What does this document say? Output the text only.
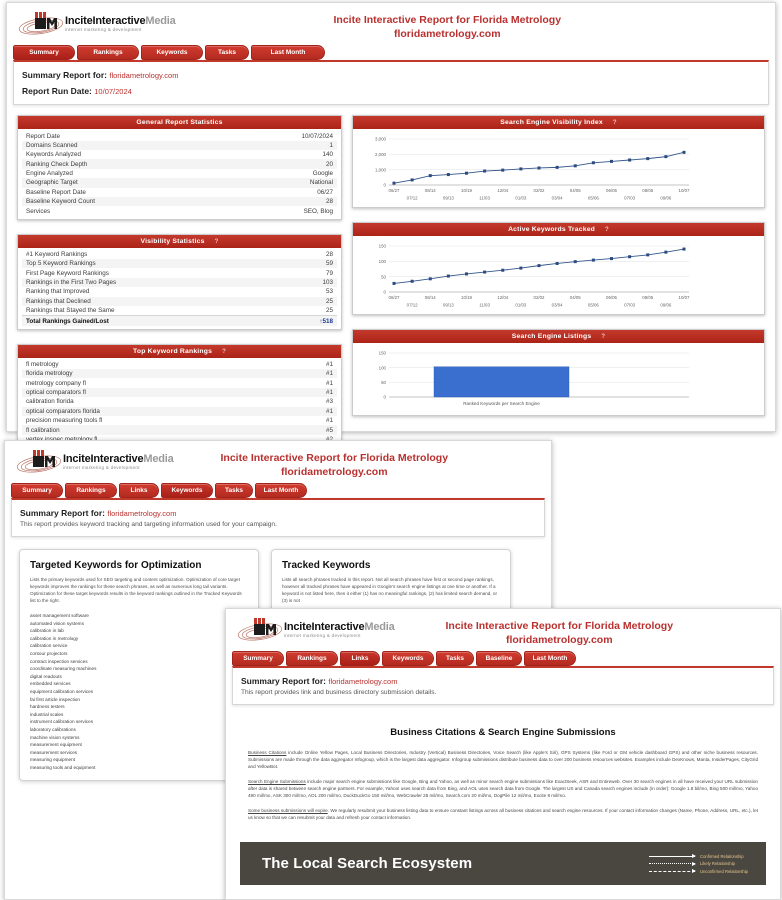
InciteInteractiveMedia
internet marketing & development
Incite Interactive Report for Florida Metrology
floridametrology.com
Summary	Rankings	Keywords	Tasks	Last Month
Summary Report for: floridametrology.com
Report Run Date: 10/07/2024
General Report Statistics
Report Date	10/07/2024
Domains Scanned	1
Keywords Analyzed	140
Ranking Check Depth	20
Engine Analyzed	Google
Geographic Target	National
Baseline Report Date	06/27
Baseline Keyword Count	28
Services	SEO, Blog
Visibility Statistics ?
#1 Keyword Rankings	28
Top 5 Keyword Rankings	59
First Page Keyword Rankings	79
Rankings in the First Two Pages	103
Ranking that Improved	53
Rankings that Declined	25
Rankings that Stayed the Same	25
Total Rankings Gained/Lost	↑518
Top Keyword Rankings ?
fl metrology	#1
florida metrology	#1
metrology company fl	#1
optical comparators fl	#1
calibration florida	#3
optical comparators florida	#1
precision measuring tools fl	#1
fl calibration	#5

Search Engine Visibility Index ?
0
1,000
2,000
3,000
06/27	08/14	10/19	12/04	02/02	04/05	06/05	08/05	10/07
07/12	09/13	11/03	01/03	03/04	05/06	07/03	09/06
Active Keywords Tracked ?
0
50
100
150
06/27	08/14	10/19	12/04	02/02	04/05	06/05	08/05	10/07
07/12	09/13	11/03	01/03	03/04	05/06	07/03	09/06
Search Engine Listings ?
0
50
100
150
Ranked Keywords per Search Engine
InciteInteractiveMedia
internet marketing & development
Incite Interactive Report for Florida Metrology
floridametrology.com
Summary	Rankings	Links	Keywords	Tasks	Last Month
Summary Report for: floridametrology.com
This report provides keyword tracking and targeting information used for your campaign.
Targeted Keywords for Optimization

Lists the primary keywords used for SEO targeting and content optimization. Optimization of core target keywords improves the rankings for these search phrases, as well as numerous long tail variants. Optimization for these target keywords results in the keyword rankings outlined in the Tracked Keywords list to the right.

asset management software
automated vision systems
calibration in lab
calibration in metrology
calibration service
contour projectors
contract inspection services
coordinate measuring machines
digital readouts
embedded services
equipment calibration services
fai first article inspection
hardness testers
industrial scales
instrument calibration services
laboratory calibrations
machine vision systems
measurement equipment
measurement services
measuring equipment
measuring tools and equipment
Tracked Keywords

Lists all search phrases tracked in this report. Not all search phrases have first or second page rankings, however all tracked phrases have appeared in Google's search engine listings at one time or another. If a keyword is not listed here, then it either (1) has no meaningful rankings, (2) has limited search demand, or (3) is not

InciteInteractiveMedia
internet marketing & development
Incite Interactive Report for Florida Metrology
floridametrology.com
Summary	Rankings	Links	Keywords	Tasks	Baseline	Last Month
Summary Report for: floridametrology.com
This report provides link and business directory submission details.
Business Citations & Search Engine Submissions

Business Citations include Online Yellow Pages, Local Business Directories, Industry (Vertical) Business Directories, Voice Search (like Apple's Siri), GPS Systems (like Ford or GM vehicle dashboard GPS) and other niche business resources. Submissions are made through the data aggregator Infogroup, which is the largest data aggregator. Infogroup submissions distribute business data to over 200 business resources websites. Examples include DexKnows, Manta, InsiderPages, CityGrid and YellowBot.

Search Engine Submissions include major search engine submissions like Google, Bing and Yahoo, as well as minor search engine submissions like ExactSeek, ASR and Entireweb. Over 30 search engines in all have received your URL submission after data is shared between search engine partners. For example, Yahoo! uses search data from Bing, and AOL uses search data from Google. The largest US and Canada search engines include (in order): Google 1.8 bil/mo, Bing 500 mil/mo, Yahoo 490 mil/mo, ASK 300 mil/mo, AOL 200 mil/mo, DuckDuckGo 150 mil/mo, WebCrawler 25 mil/mo, Search.com 20 mil/mo, DogPile 12 mil/mo, Excite 8 mil/mo.

Some business submissions will expire. We regularly resubmit your business listing data to ensure constant listings across all business citations and search engine resources. If your contact information changes (Name, Phone, Address, URL, etc.), let us know so that we can resubmit your data and refresh your contact information.

The Local Search Ecosystem	Confirmed Relationship
Likely Relationship
Unconfirmed Relationship
